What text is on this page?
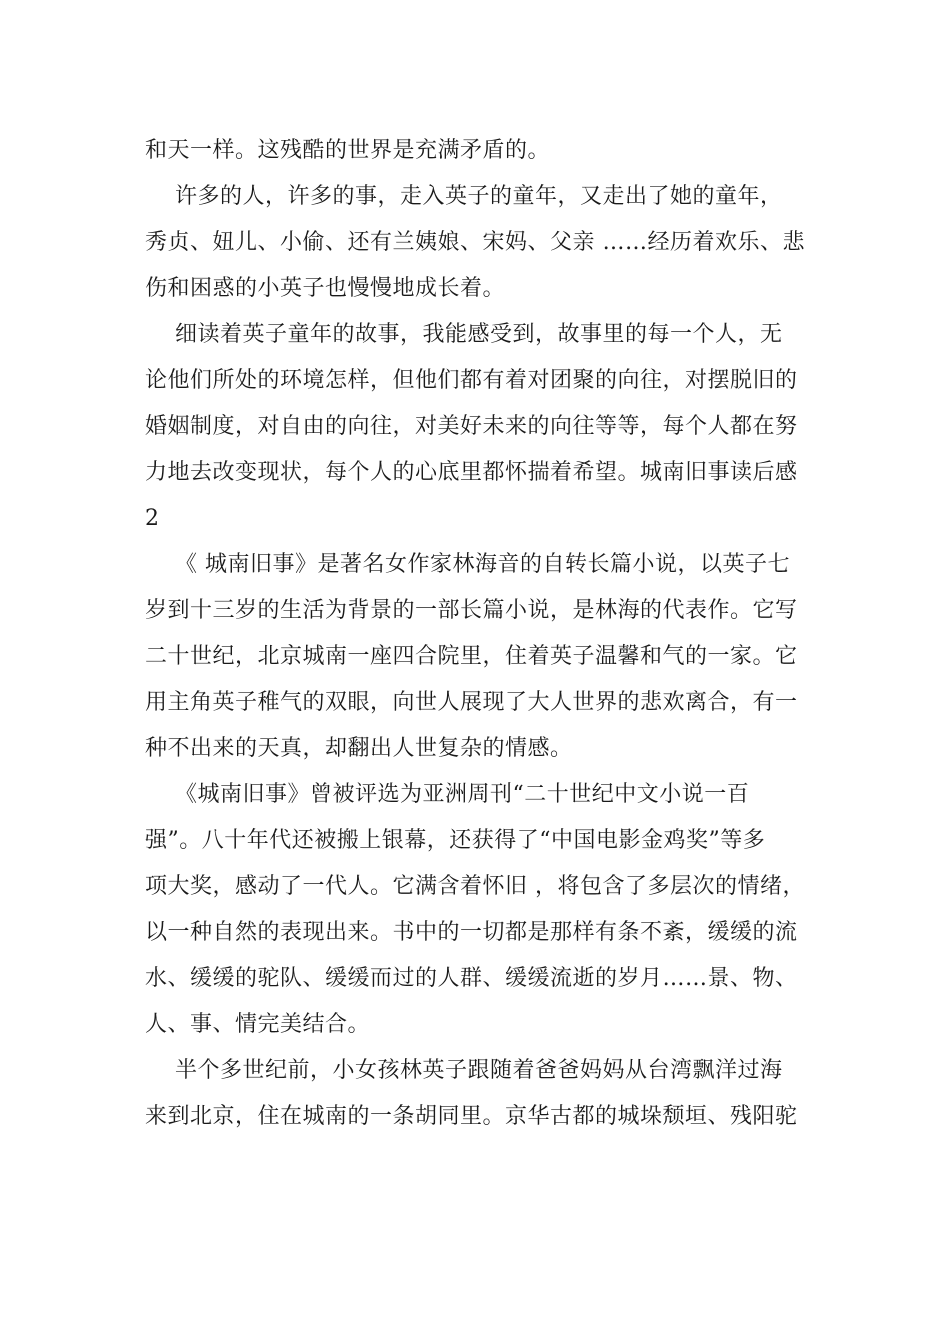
和天一样。这残酷的世界是充满矛盾的。
许多的人，许多的事，走入英子的童年，又走出了她的童年，
秀贞、妞儿、小偷、还有兰姨娘、宋妈、父亲 ……经历着欢乐、悲
伤和困惑的小英子也慢慢地成长着。
细读着英子童年的故事，我能感受到，故事里的每一个人，无
论他们所处的环境怎样，但他们都有着对团聚的向往，对摆脱旧的
婚姻制度，对自由的向往，对美好未来的向往等等，每个人都在努
力地去改变现状，每个人的心底里都怀揣着希望。城南旧事读后感
2
《 城南旧事》是著名女作家林海音的自转长篇小说，以英子七
岁到十三岁的生活为背景的一部长篇小说，是林海的代表作。它写
二十世纪，北京城南一座四合院里，住着英子温馨和气的一家。它
用主角英子稚气的双眼，向世人展现了大人世界的悲欢离合，有一
种不出来的天真，却翻出人世复杂的情感。
《城南旧事》曾被评选为亚洲周刊“二十世纪中文小说一百
强”。八十年代还被搬上银幕，还获得了“中国电影金鸡奖”等多
项大奖，感动了一代人。它满含着怀旧 ，将包含了多层次的情绪，
以一种自然的表现出来。书中的一切都是那样有条不紊，缓缓的流
水、缓缓的驼队、缓缓而过的人群、缓缓流逝的岁月……景、物、
人、事、情完美结合。
半个多世纪前，小女孩林英子跟随着爸爸妈妈从台湾飘洋过海
来到北京，住在城南的一条胡同里。京华古都的城垛颓垣、残阳驼
